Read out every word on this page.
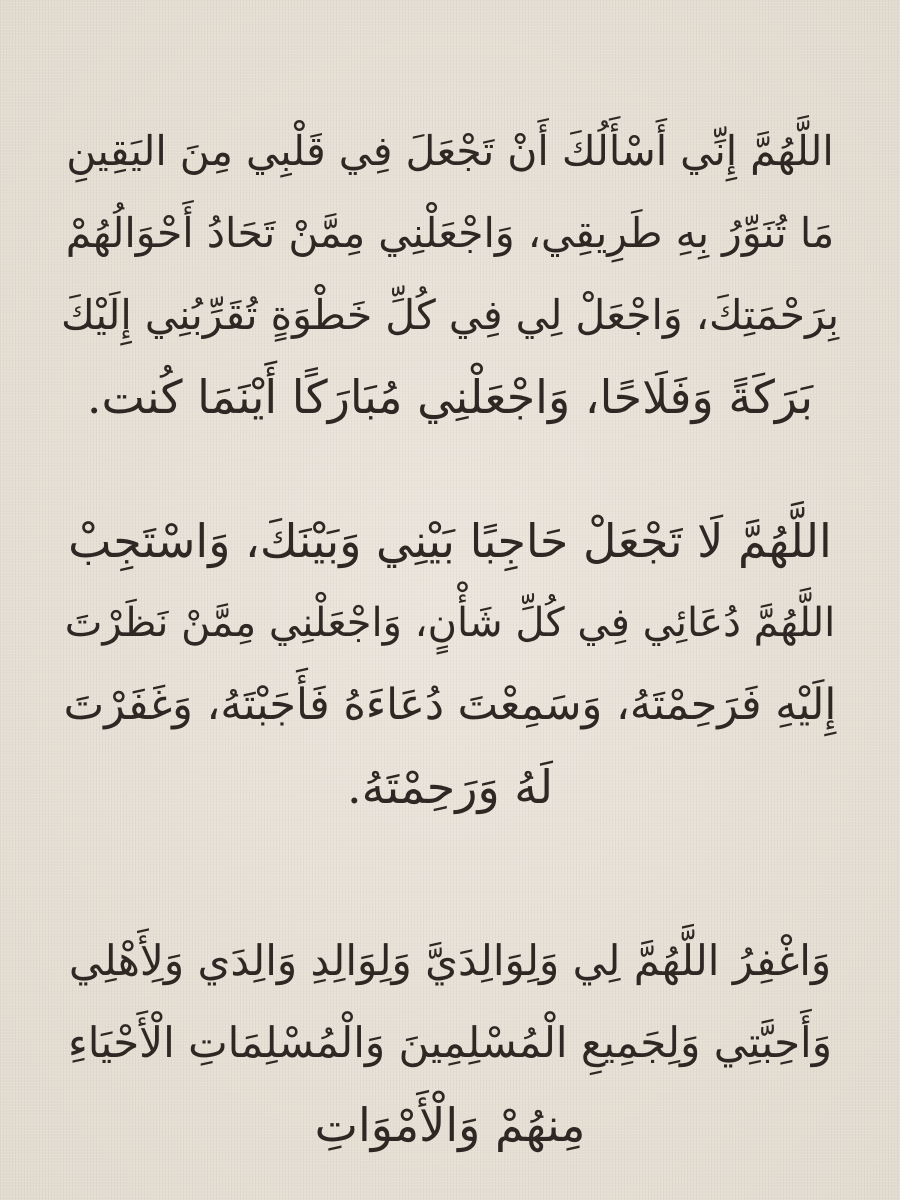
اللَّهُمَّ إِنِّي أَسْأَلُكَ أَنْ تَجْعَلَ فِي قَلْبِي مِنَ اليَقِينِ
مَا تُنَوِّرُ بِهِ طَرِيقِي، وَاجْعَلْنِي مِمَّنْ تَحَادُ أَحْوَالُهُمْ
بِرَحْمَتِكَ، وَاجْعَلْ لِي فِي كُلِّ خَطْوَةٍ تُقَرِّبُنِي إِلَيْكَ
بَرَكَةً وَفَلَاحًا، وَاجْعَلْنِي مُبَارَكًا أَيْنَمَا كُنت.

اللَّهُمَّ لَا تَجْعَلْ حَاجِبًا بَيْنِي وَبَيْنَكَ، وَاسْتَجِبْ
اللَّهُمَّ دُعَائِي فِي كُلِّ شَأْنٍ، وَاجْعَلْنِي مِمَّنْ نَظَرْتَ
إِلَيْهِ فَرَحِمْتَهُ، وَسَمِعْتَ دُعَاءَهُ فَأَجَبْتَهُ، وَغَفَرْتَ
لَهُ وَرَحِمْتَهُ.

وَاغْفِرُ اللَّهُمَّ لِي وَلِوَالِدَيَّ وَلِوَالِدِ وَالِدَي وَلِأَهْلِي
وَأَحِبَّتِي وَلِجَمِيعِ الْمُسْلِمِينَ وَالْمُسْلِمَاتِ الْأَحْيَاءِ
مِنهُمْ وَالْأَمْوَاتِ
